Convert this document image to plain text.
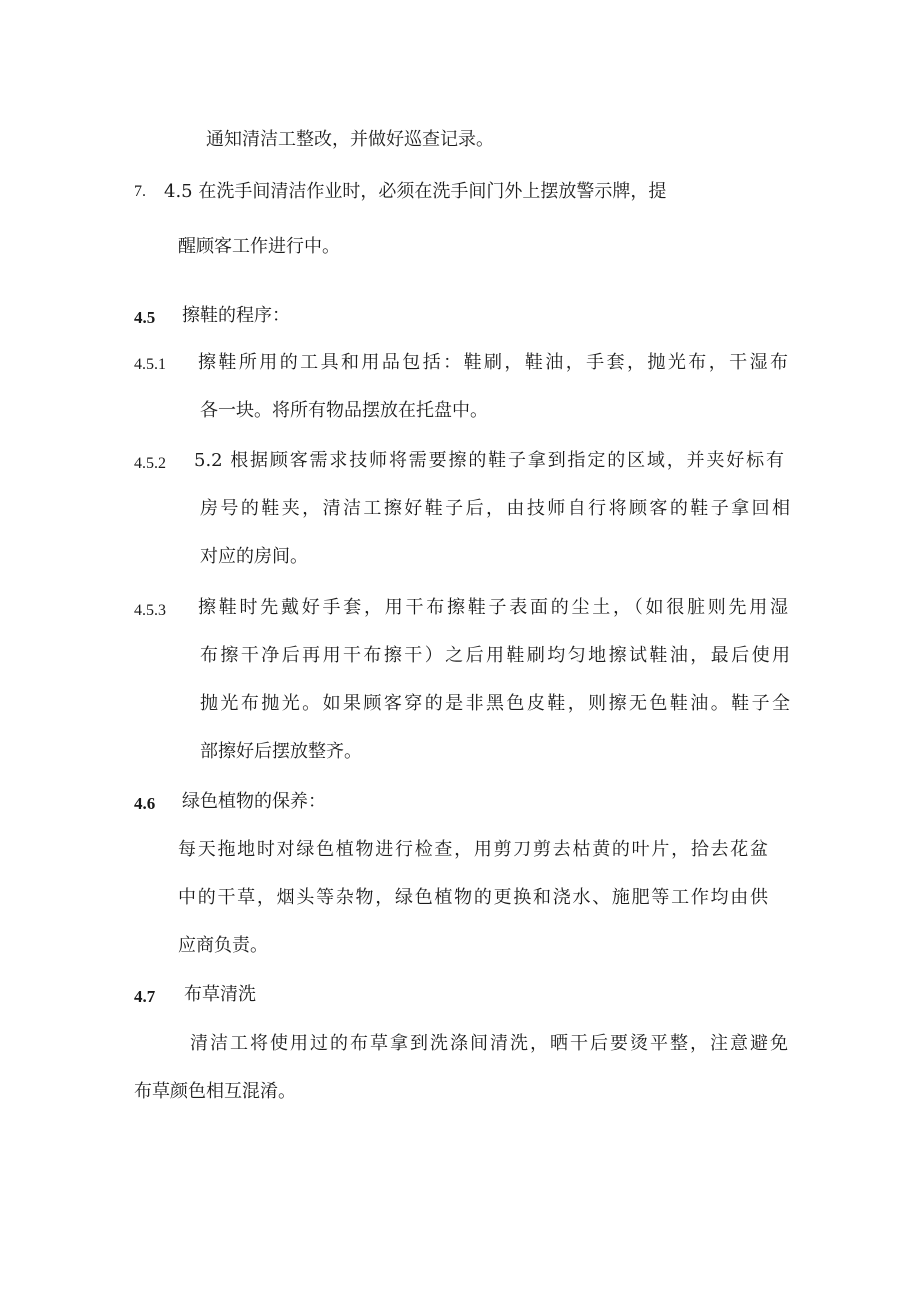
通知清洁工整改，并做好巡查记录。
7. 4.5 在洗手间清洁作业时，必须在洗手间门外上摆放警示牌，提
醒顾客工作进行中。
4.5 擦鞋的程序：
4.5.1 擦鞋所用的工具和用品包括：鞋刷，鞋油，手套，抛光布，干湿布
各一块。将所有物品摆放在托盘中。
4.5.2 5.2 根据顾客需求技师将需要擦的鞋子拿到指定的区域，并夹好标有
房号的鞋夹，清洁工擦好鞋子后，由技师自行将顾客的鞋子拿回相
对应的房间。
4.5.3 擦鞋时先戴好手套，用干布擦鞋子表面的尘土，（如很脏则先用湿
布擦干净后再用干布擦干）之后用鞋刷均匀地擦试鞋油，最后使用
抛光布抛光。如果顾客穿的是非黑色皮鞋，则擦无色鞋油。鞋子全
部擦好后摆放整齐。
4.6 绿色植物的保养：
每天拖地时对绿色植物进行检查，用剪刀剪去枯黄的叶片，拾去花盆
中的干草，烟头等杂物，绿色植物的更换和浇水、施肥等工作均由供
应商负责。
4.7 布草清洗
清洁工将使用过的布草拿到洗涤间清洗，晒干后要烫平整，注意避免
布草颜色相互混淆。
